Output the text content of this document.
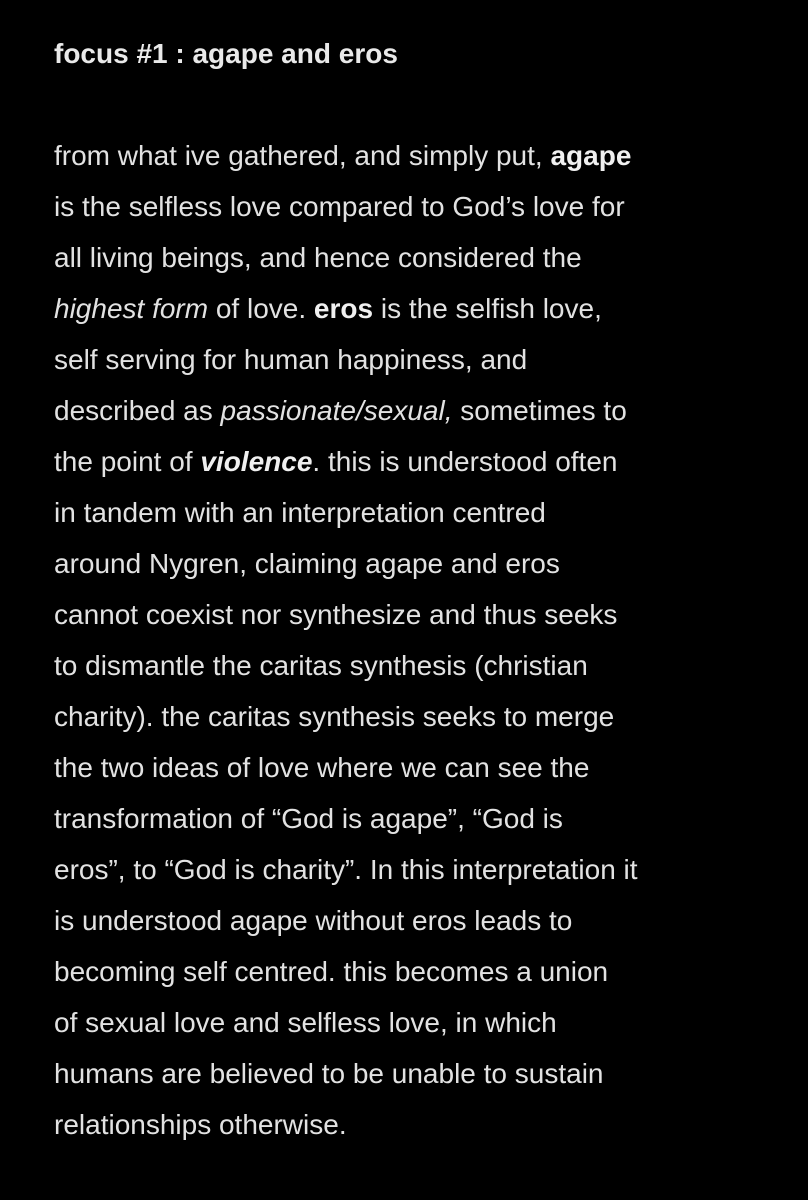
focus #1 : agape and eros
from what ive gathered, and simply put, agape
is the selfless love compared to God’s love for
all living beings, and hence considered the
highest form of love. eros is the selfish love,
self serving for human happiness, and
described as passionate/sexual, sometimes to
the point of violence. this is understood often
in tandem with an interpretation centred
around Nygren, claiming agape and eros
cannot coexist nor synthesize and thus seeks
to dismantle the caritas synthesis (christian
charity). the caritas synthesis seeks to merge
the two ideas of love where we can see the
transformation of “God is agape”, “God is
eros”, to “God is charity”. In this interpretation it
is understood agape without eros leads to
becoming self centred. this becomes a union
of sexual love and selfless love, in which
humans are believed to be unable to sustain
relationships otherwise.
